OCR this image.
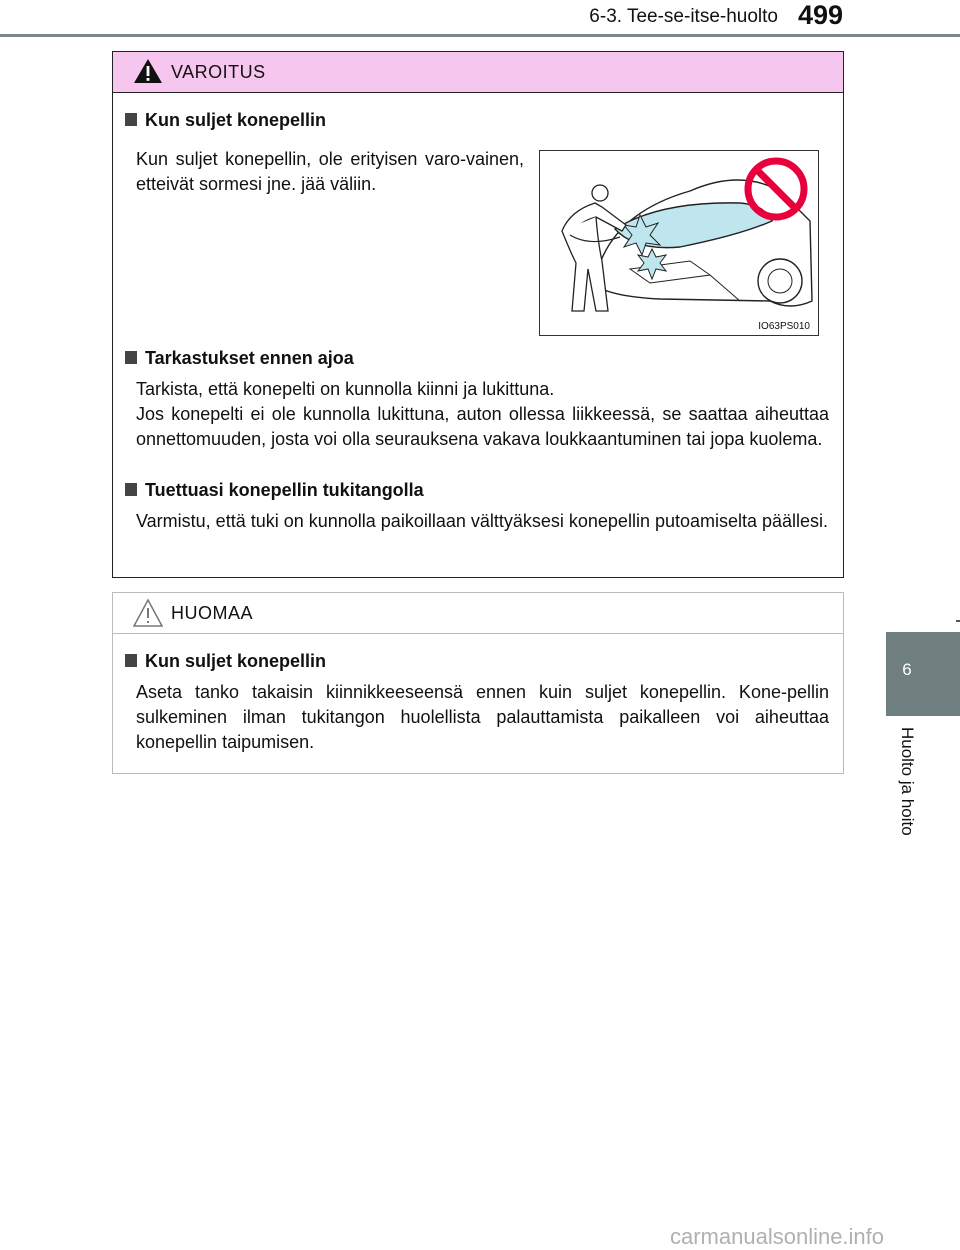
6-3. Tee-se-itse-huolto 499
6
Huolto ja hoito
VAROITUS
Kun suljet konepellin
Kun suljet konepellin, ole erityisen varo-vainen, etteivät sormesi jne. jää väliin.
IO63PS010
Tarkastukset ennen ajoa
Tarkista, että konepelti on kunnolla kiinni ja lukittuna.
Jos konepelti ei ole kunnolla lukittuna, auton ollessa liikkeessä, se saattaa aiheuttaa onnettomuuden, josta voi olla seurauksena vakava loukkaantuminen tai jopa kuolema.
Tuettuasi konepellin tukitangolla
Varmistu, että tuki on kunnolla paikoillaan välttyäksesi konepellin putoamiselta päällesi.
HUOMAA
Kun suljet konepellin
Aseta tanko takaisin kiinnikkeeseensä ennen kuin suljet konepellin. Kone-pellin sulkeminen ilman tukitangon huolellista palauttamista paikalleen voi aiheuttaa konepellin taipumisen.
carmanualsonline.info
